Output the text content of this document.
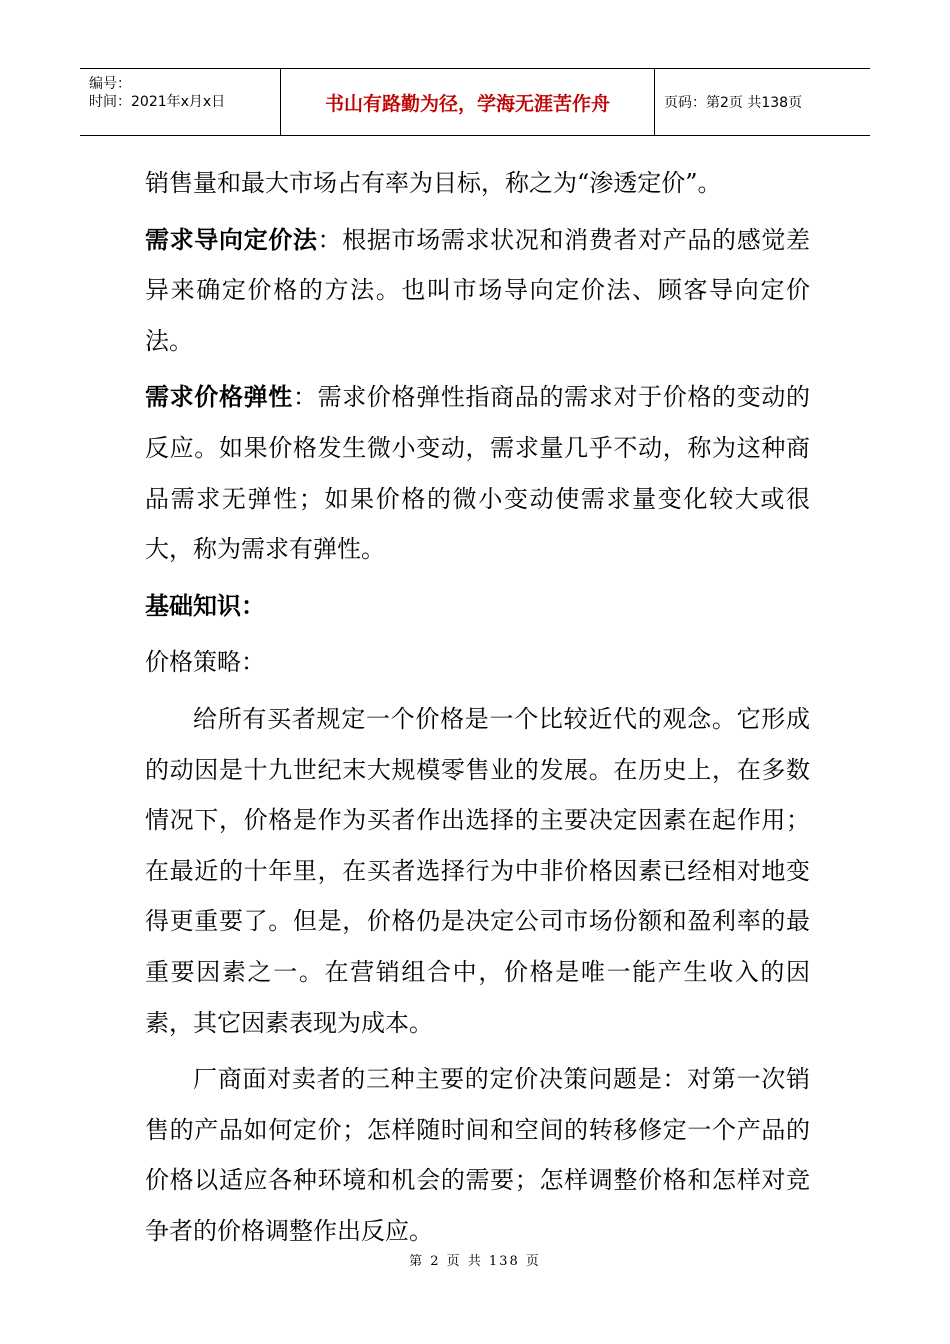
编号：
时间：2021年x月x日	书山有路勤为径，学海无涯苦作舟	页码：第2页 共138页

销售量和最大市场占有率为目标，称之为“渗透定价”。

需求导向定价法：根据市场需求状况和消费者对产品的感觉差异来确定价格的方法。也叫市场导向定价法、顾客导向定价法。

需求价格弹性：需求价格弹性指商品的需求对于价格的变动的反应。如果价格发生微小变动，需求量几乎不动，称为这种商品需求无弹性；如果价格的微小变动使需求量变化较大或很大，称为需求有弹性。

基础知识：

价格策略：

给所有买者规定一个价格是一个比较近代的观念。它形成的动因是十九世纪末大规模零售业的发展。在历史上，在多数情况下，价格是作为买者作出选择的主要决定因素在起作用；在最近的十年里，在买者选择行为中非价格因素已经相对地变得更重要了。但是，价格仍是决定公司市场份额和盈利率的最重要因素之一。在营销组合中，价格是唯一能产生收入的因素，其它因素表现为成本。

厂商面对卖者的三种主要的定价决策问题是：对第一次销售的产品如何定价；怎样随时间和空间的转移修定一个产品的价格以适应各种环境和机会的需要；怎样调整价格和怎样对竞争者的价格调整作出反应。

第 2 页 共 138 页
